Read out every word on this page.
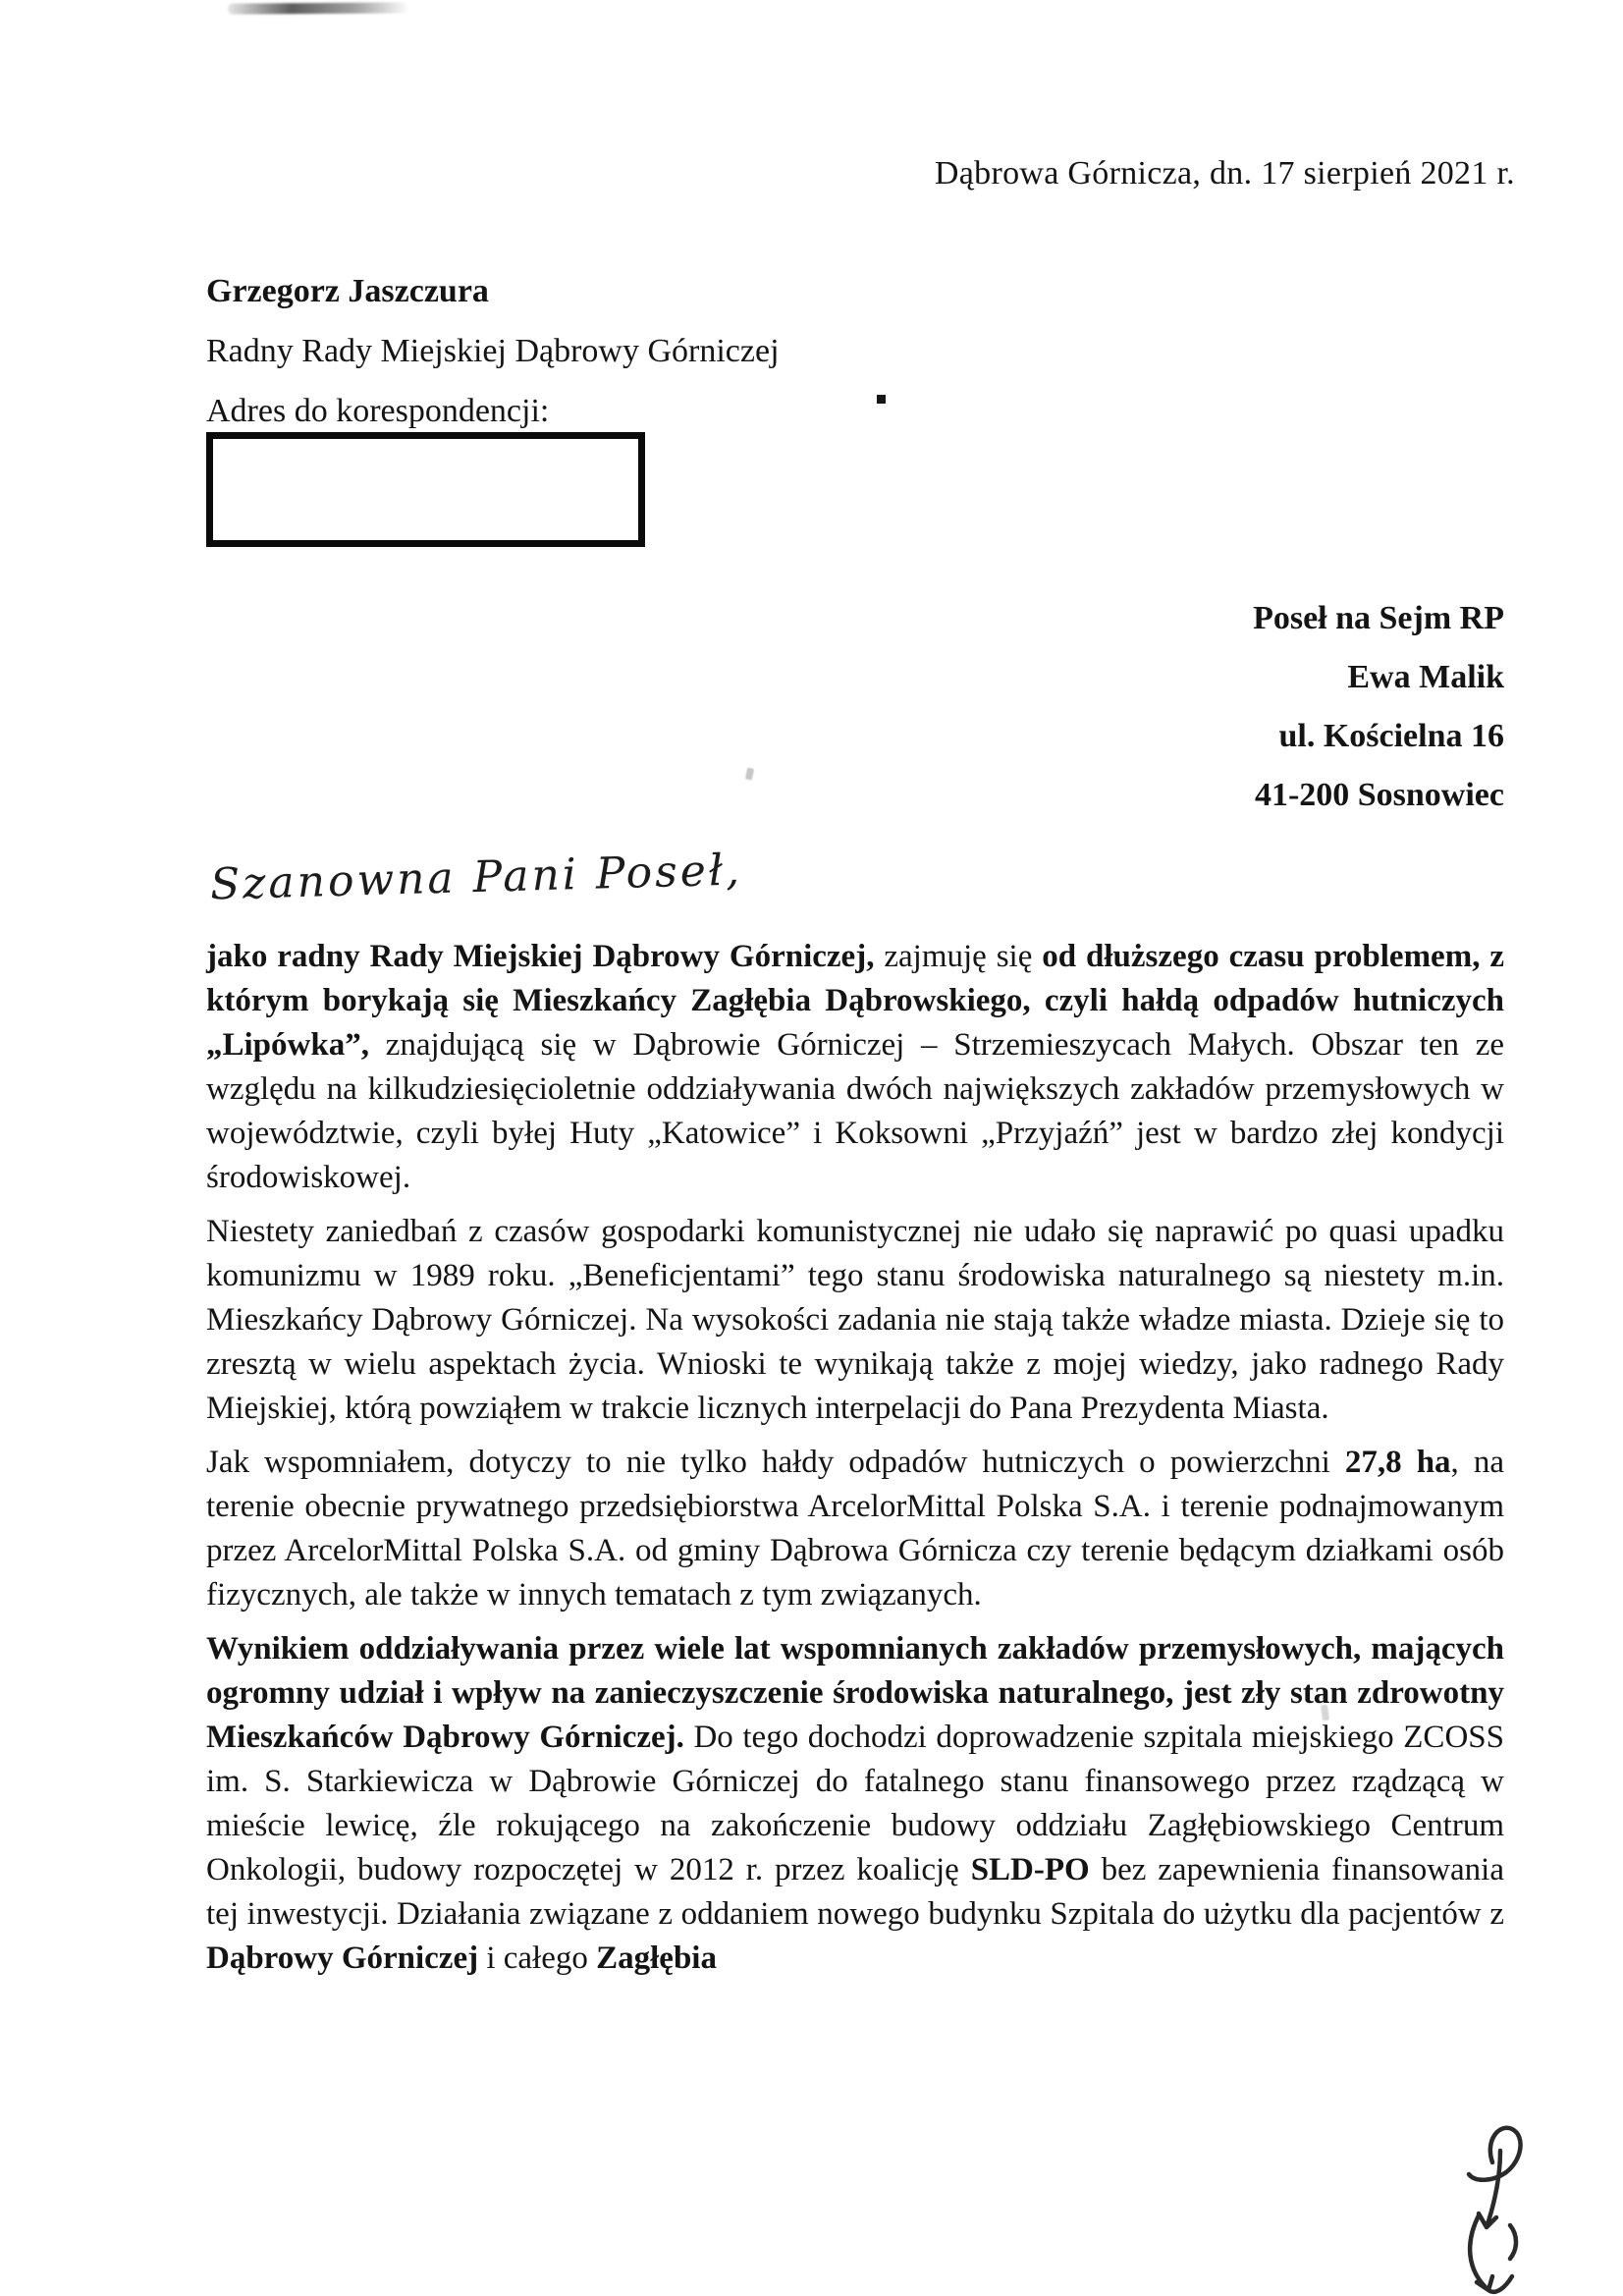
Dąbrowa Górnicza, dn. 17 sierpień 2021 r.
Grzegorz Jaszczura
Radny Rady Miejskiej Dąbrowy Górniczej
Adres do korespondencji:
Poseł na Sejm RP
Ewa Malik
ul. Kościelna 16
41-200 Sosnowiec
Szanowna Pani Poseł,

jako radny Rady Miejskiej Dąbrowy Górniczej, zajmuję się od dłuższego czasu problemem, z którym borykają się Mieszkańcy Zagłębia Dąbrowskiego, czyli hałdą odpadów hutniczych „Lipówka”, znajdującą się w Dąbrowie Górniczej – Strzemieszycach Małych. Obszar ten ze względu na kilkudziesięcioletnie oddziaływania dwóch największych zakładów przemysłowych w województwie, czyli byłej Huty „Katowice” i Koksowni „Przyjaźń” jest w bardzo złej kondycji środowiskowej.

Niestety zaniedbań z czasów gospodarki komunistycznej nie udało się naprawić po quasi upadku komunizmu w 1989 roku. „Beneficjentami” tego stanu środowiska naturalnego są niestety m.in. Mieszkańcy Dąbrowy Górniczej. Na wysokości zadania nie stają także władze miasta. Dzieje się to zresztą w wielu aspektach życia. Wnioski te wynikają także z mojej wiedzy, jako radnego Rady Miejskiej, którą powziąłem w trakcie licznych interpelacji do Pana Prezydenta Miasta.

Jak wspomniałem, dotyczy to nie tylko hałdy odpadów hutniczych o powierzchni 27,8 ha, na terenie obecnie prywatnego przedsiębiorstwa ArcelorMittal Polska S.A. i terenie podnajmowanym przez ArcelorMittal Polska S.A. od gminy Dąbrowa Górnicza czy terenie będącym działkami osób fizycznych, ale także w innych tematach z tym związanych.

Wynikiem oddziaływania przez wiele lat wspomnianych zakładów przemysłowych, mających ogromny udział i wpływ na zanieczyszczenie środowiska naturalnego, jest zły stan zdrowotny Mieszkańców Dąbrowy Górniczej. Do tego dochodzi doprowadzenie szpitala miejskiego ZCOSS im. S. Starkiewicza w Dąbrowie Górniczej do fatalnego stanu finansowego przez rządzącą w mieście lewicę, źle rokującego na zakończenie budowy oddziału Zagłębiowskiego Centrum Onkologii, budowy rozpoczętej w 2012 r. przez koalicję SLD-PO bez zapewnienia finansowania tej inwestycji. Działania związane z oddaniem nowego budynku Szpitala do użytku dla pacjentów z Dąbrowy Górniczej i całego Zagłębia
